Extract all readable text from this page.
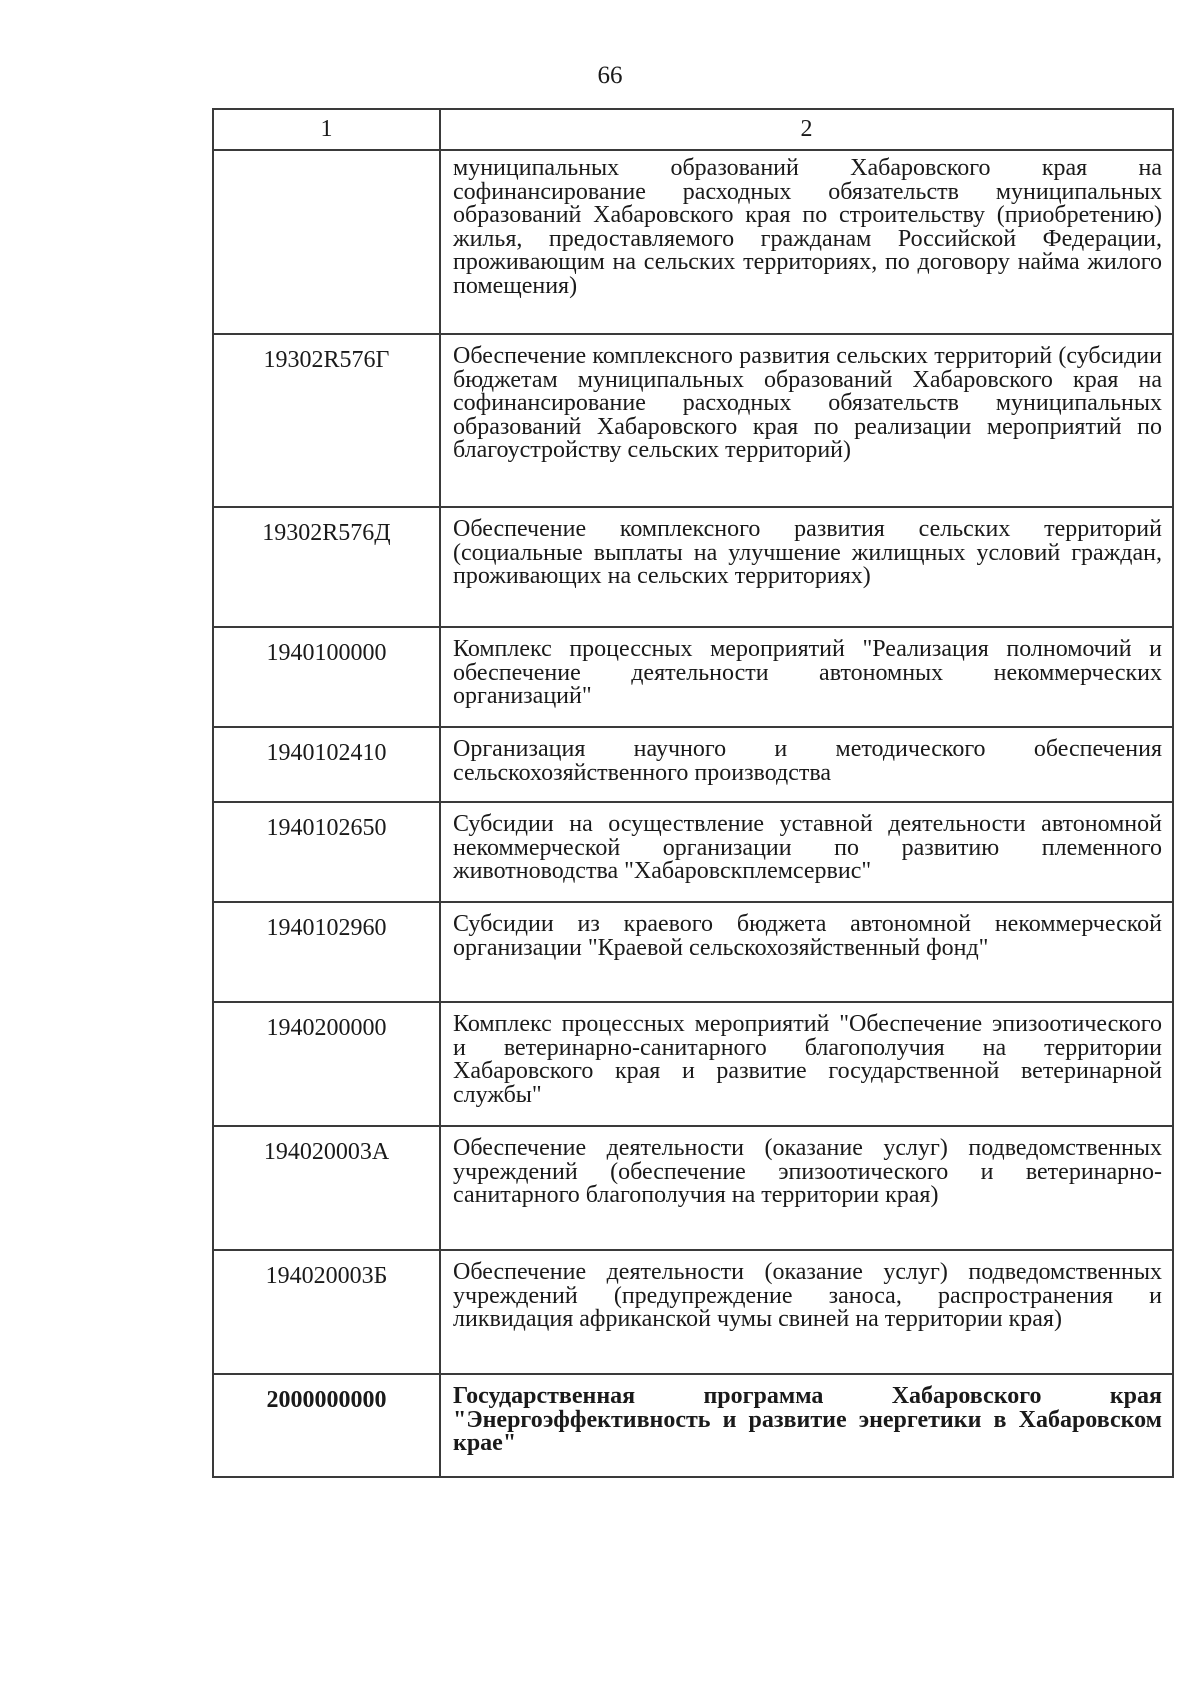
66
1	2
	муниципальных образований Хабаровского края на софинансирование расходных обязательств муниципальных образований Хабаровского края по строительству (приобретению) жилья, предоставляемого гражданам Российской Федерации, проживающим на сельских территориях, по договору найма жилого помещения)
19302R576Г	Обеспечение комплексного развития сельских территорий (субсидии бюджетам муниципальных образований Хабаровского края на софинансирование расходных обязательств муниципальных образований Хабаровского края по реализации мероприятий по благоустройству сельских территорий)
19302R576Д	Обеспечение комплексного развития сельских территорий (социальные выплаты на улучшение жилищных условий граждан, проживающих на сельских территориях)
1940100000	Комплекс процессных мероприятий "Реализация полномочий и обеспечение деятельности автономных некоммерческих организаций"
1940102410	Организация научного и методического обеспечения сельскохозяйственного производства
1940102650	Субсидии на осуществление уставной деятельности автономной некоммерческой организации по развитию племенного животноводства "Хабаровскплемсервис"
1940102960	Субсидии из краевого бюджета автономной некоммерческой организации "Краевой сельскохозяйственный фонд"
1940200000	Комплекс процессных мероприятий "Обеспечение эпизоотического и ветеринарно-санитарного благополучия на территории Хабаровского края и развитие государственной ветеринарной службы"
194020003А	Обеспечение деятельности (оказание услуг) подведомственных учреждений (обеспечение эпизоотического и ветеринарно-санитарного благополучия на территории края)
194020003Б	Обеспечение деятельности (оказание услуг) подведомственных учреждений (предупреждение заноса, распространения и ликвидация африканской чумы свиней на территории края)
2000000000	Государственная программа Хабаровского края "Энергоэффективность и развитие энергетики в Хабаровском крае"
